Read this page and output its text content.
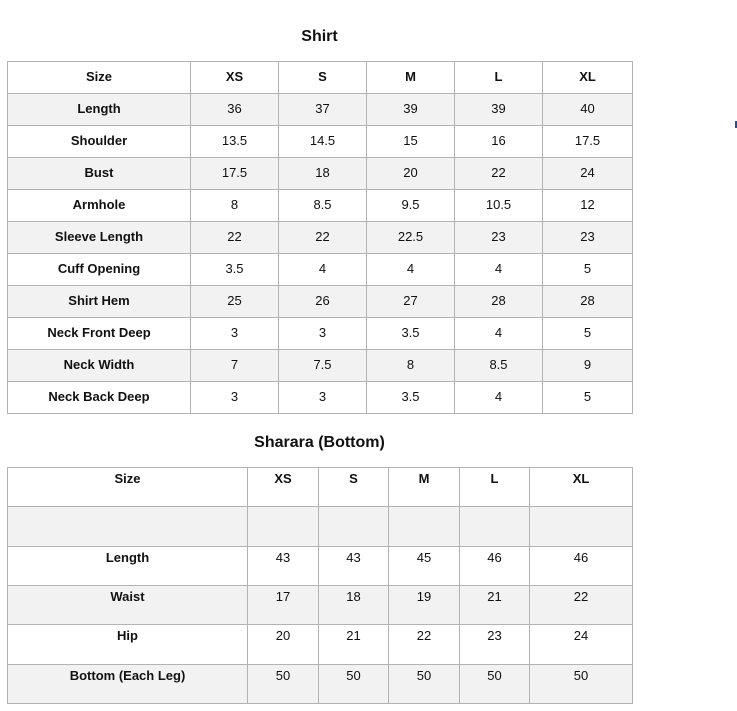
Shirt
Size	XS	S	M	L	XL
Length	36	37	39	39	40
Shoulder	13.5	14.5	15	16	17.5
Bust	17.5	18	20	22	24
Armhole	8	8.5	9.5	10.5	12
Sleeve Length	22	22	22.5	23	23
Cuff Opening	3.5	4	4	4	5
Shirt Hem	25	26	27	28	28
Neck Front Deep	3	3	3.5	4	5
Neck Width	7	7.5	8	8.5	9
Neck Back Deep	3	3	3.5	4	5
Sharara (Bottom)
Size	XS	S	M	L	XL

Length	43	43	45	46	46
Waist	17	18	19	21	22
Hip	20	21	22	23	24
Bottom (Each Leg)	50	50	50	50	50
